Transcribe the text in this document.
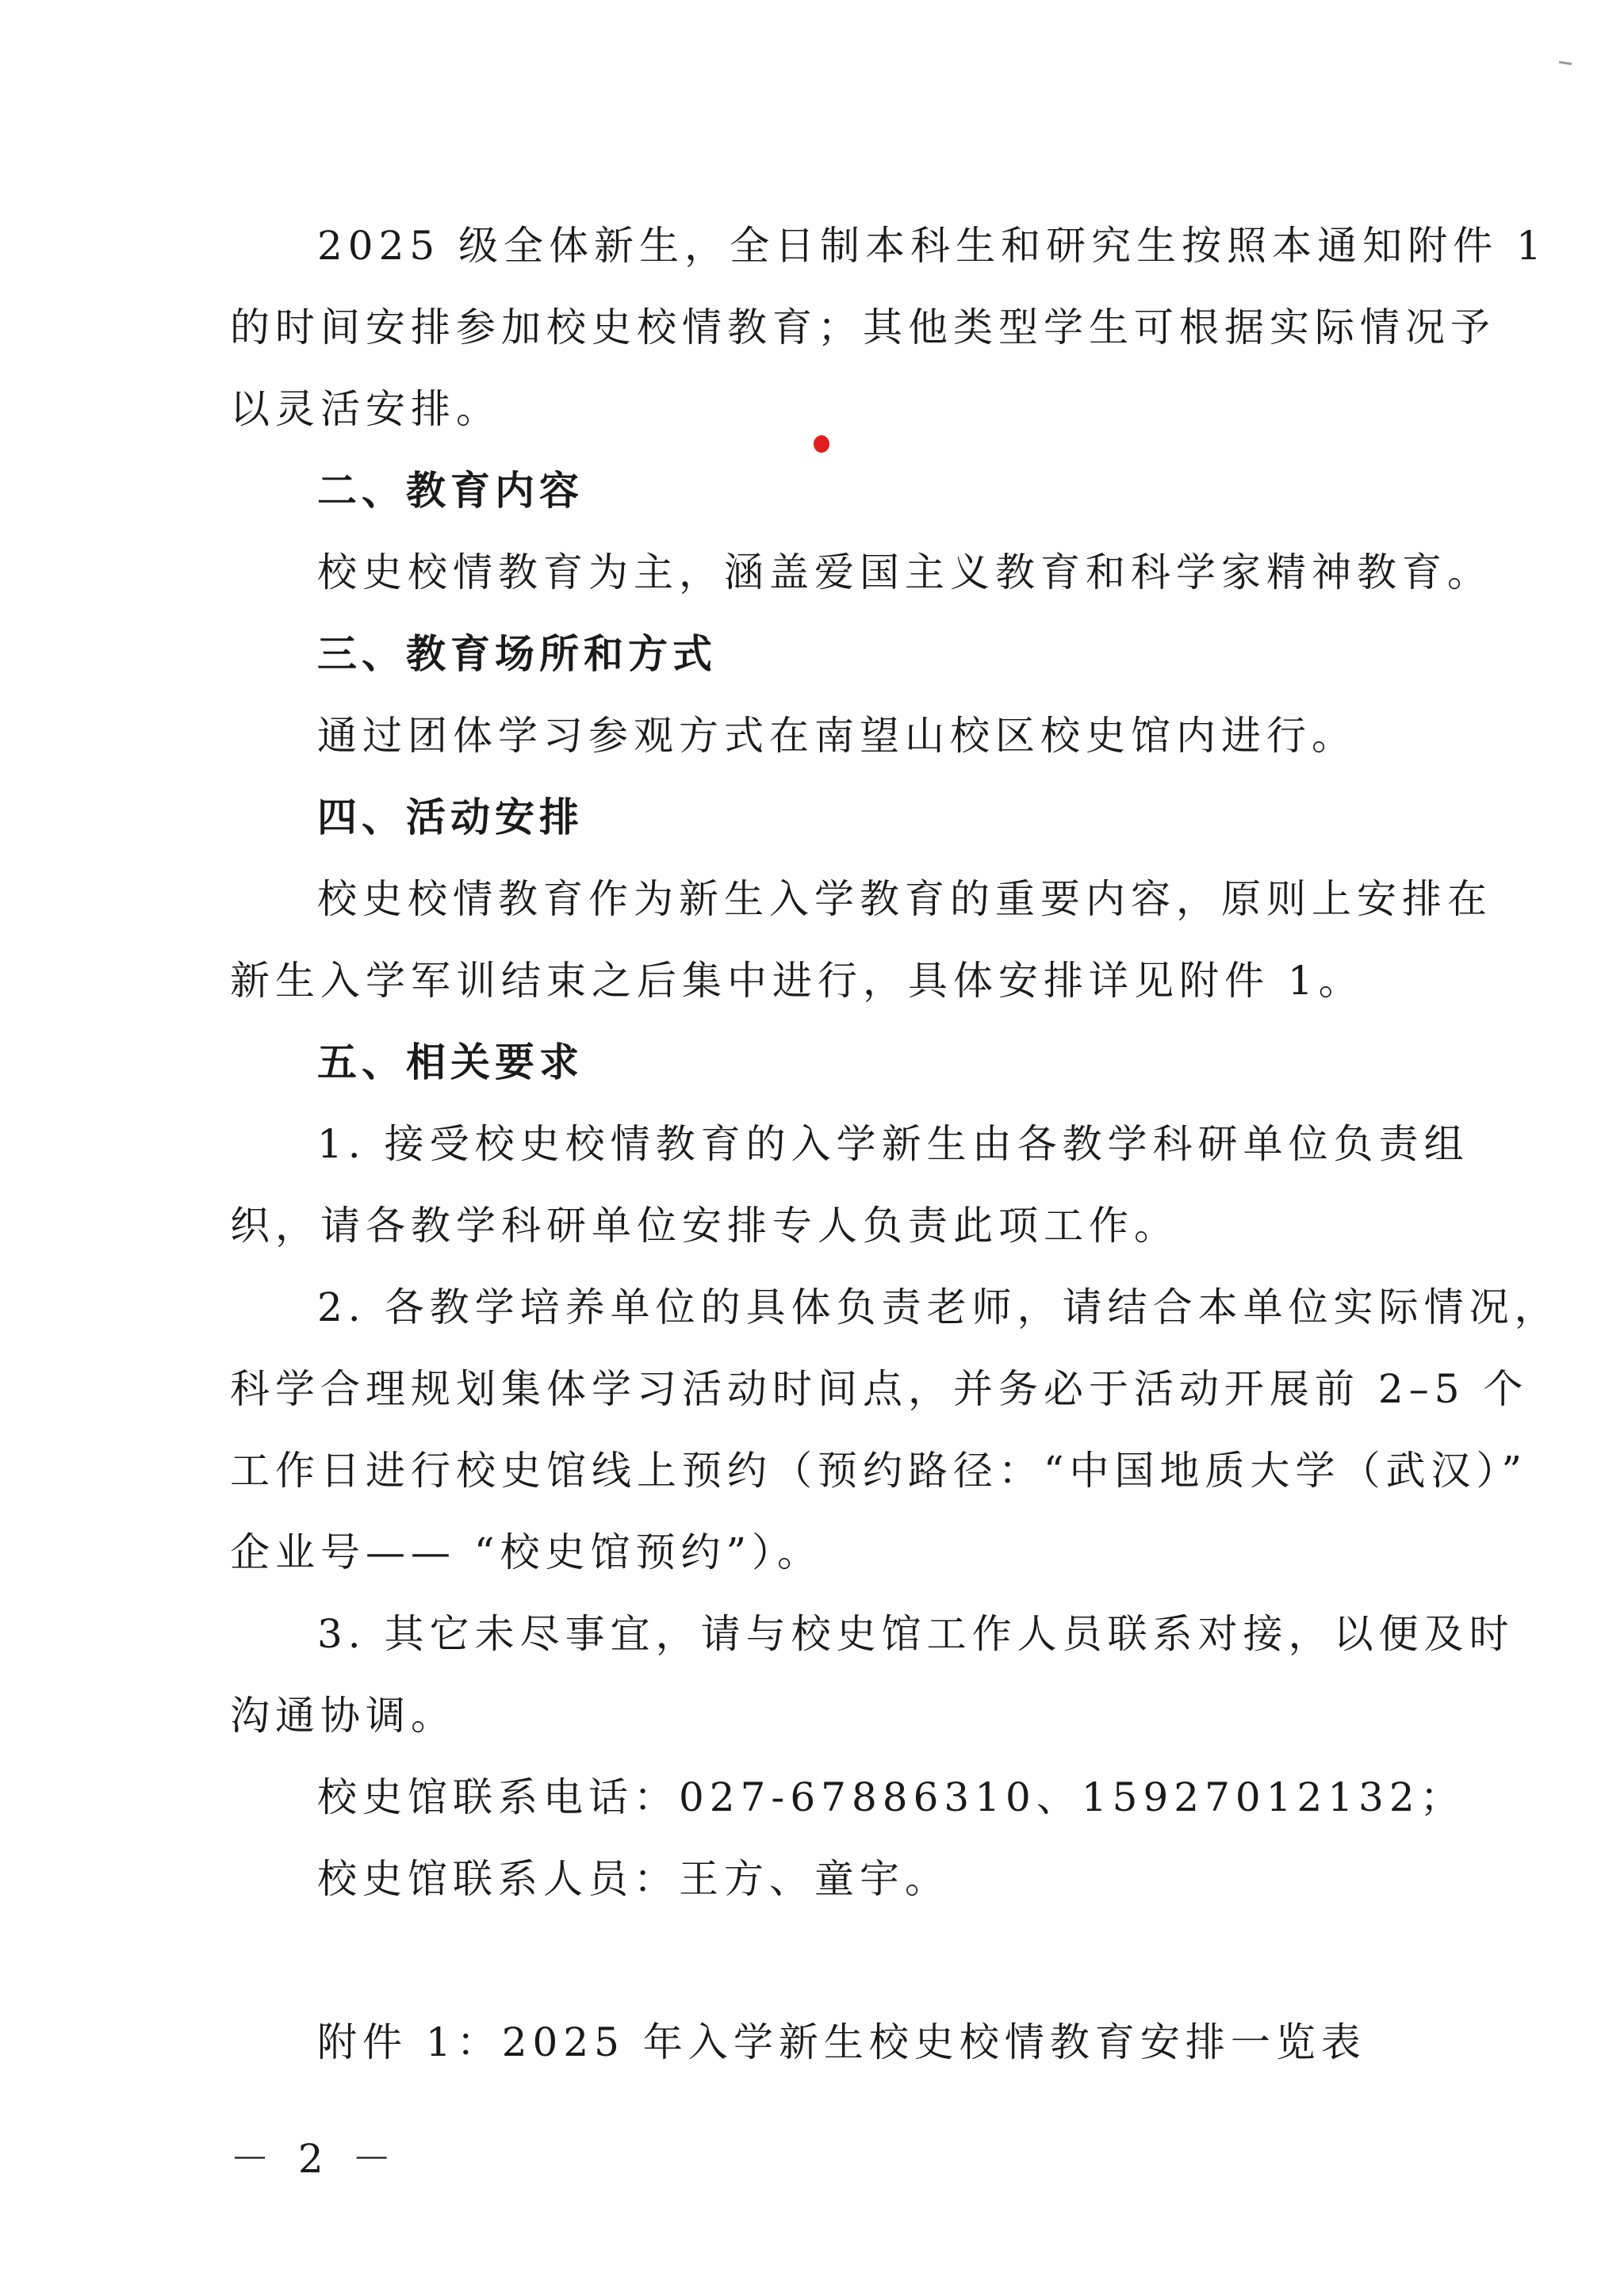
2025 级全体新生，全日制本科生和研究生按照本通知附件 1
的时间安排参加校史校情教育；其他类型学生可根据实际情况予
以灵活安排。
二、教育内容
校史校情教育为主，涵盖爱国主义教育和科学家精神教育。
三、教育场所和方式
通过团体学习参观方式在南望山校区校史馆内进行。
四、活动安排
校史校情教育作为新生入学教育的重要内容，原则上安排在
新生入学军训结束之后集中进行，具体安排详见附件 1。
五、相关要求
1. 接受校史校情教育的入学新生由各教学科研单位负责组
织，请各教学科研单位安排专人负责此项工作。
2. 各教学培养单位的具体负责老师，请结合本单位实际情况，
科学合理规划集体学习活动时间点，并务必于活动开展前 2–5 个
工作日进行校史馆线上预约（预约路径：“中国地质大学（武汉）”
企业号—— “校史馆预约”）。
3. 其它未尽事宜，请与校史馆工作人员联系对接，以便及时
沟通协调。
校史馆联系电话：027-67886310、15927012132；
校史馆联系人员：王方、童宇。
附件 1：2025 年入学新生校史校情教育安排一览表
－ 2 －
